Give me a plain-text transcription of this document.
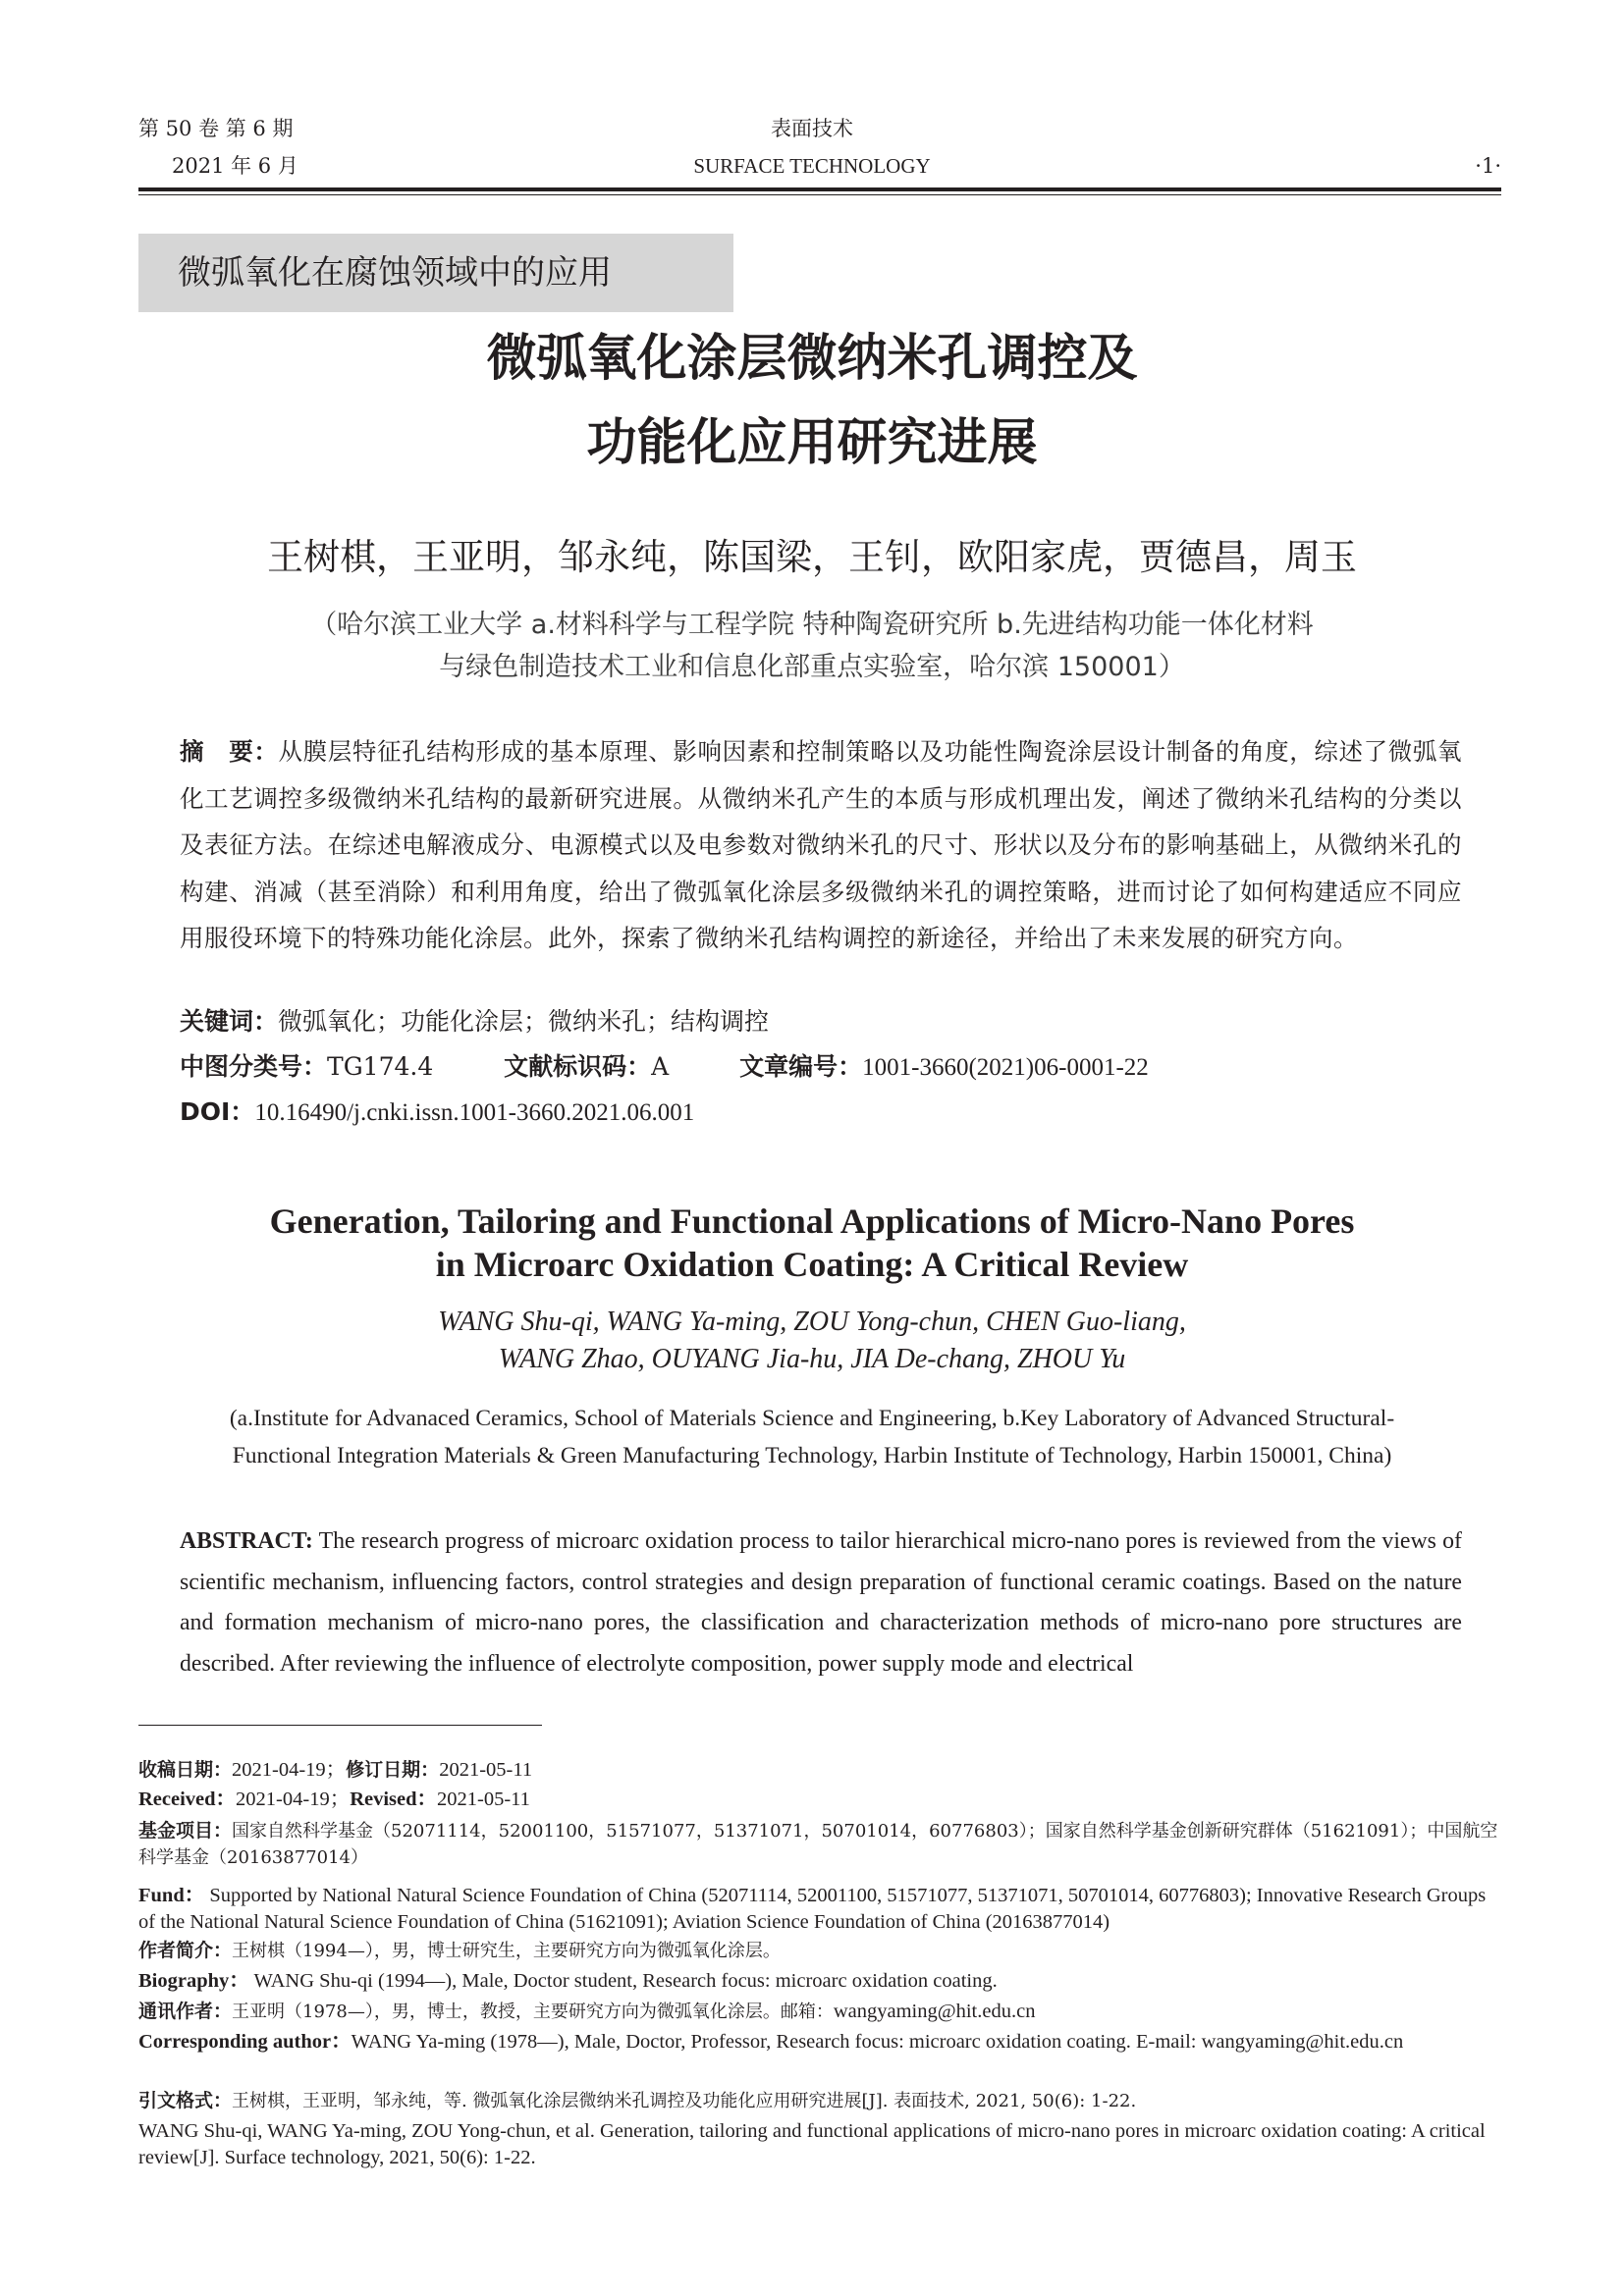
第 50 卷 第 6 期
2021 年 6 月
表面技术
SURFACE TECHNOLOGY	·1·
微弧氧化在腐蚀领域中的应用
微弧氧化涂层微纳米孔调控及
功能化应用研究进展
王树棋，王亚明，邹永纯，陈国梁，王钊，欧阳家虎，贾德昌，周玉
（哈尔滨工业大学 a.材料科学与工程学院 特种陶瓷研究所 b.先进结构功能一体化材料
与绿色制造技术工业和信息化部重点实验室，哈尔滨 150001）
摘　要：从膜层特征孔结构形成的基本原理、影响因素和控制策略以及功能性陶瓷涂层设计制备的角度，综述了微弧氧化工艺调控多级微纳米孔结构的最新研究进展。从微纳米孔产生的本质与形成机理出发，阐述了微纳米孔结构的分类以及表征方法。在综述电解液成分、电源模式以及电参数对微纳米孔的尺寸、形状以及分布的影响基础上，从微纳米孔的构建、消减（甚至消除）和利用角度，给出了微弧氧化涂层多级微纳米孔的调控策略，进而讨论了如何构建适应不同应用服役环境下的特殊功能化涂层。此外，探索了微纳米孔结构调控的新途径，并给出了未来发展的研究方向。
关键词：微弧氧化；功能化涂层；微纳米孔；结构调控
中图分类号：TG174.4	文献标识码：A	文章编号：1001-3660(2021)06-0001-22
DOI：10.16490/j.cnki.issn.1001-3660.2021.06.001
Generation, Tailoring and Functional Applications of Micro-Nano Pores
in Microarc Oxidation Coating: A Critical Review
WANG Shu-qi, WANG Ya-ming, ZOU Yong-chun, CHEN Guo-liang,
WANG Zhao, OUYANG Jia-hu, JIA De-chang, ZHOU Yu
(a.Institute for Advanaced Ceramics, School of Materials Science and Engineering, b.Key Laboratory of Advanced Structural-
Functional Integration Materials & Green Manufacturing Technology, Harbin Institute of Technology, Harbin 150001, China)
ABSTRACT: The research progress of microarc oxidation process to tailor hierarchical micro-nano pores is reviewed from the views of scientific mechanism, influencing factors, control strategies and design preparation of functional ceramic coatings. Based on the nature and formation mechanism of micro-nano pores, the classification and characterization methods of micro-nano pore structures are described. After reviewing the influence of electrolyte composition, power supply mode and electrical
收稿日期：2021-04-19；修订日期：2021-05-11
Received：2021-04-19；Revised：2021-05-11
基金项目：国家自然科学基金（52071114，52001100，51571077，51371071，50701014，60776803）；国家自然科学基金创新研究群体（51621091）；中国航空科学基金（20163877014）
Fund： Supported by National Natural Science Foundation of China (52071114, 52001100, 51571077, 51371071, 50701014, 60776803); Innovative Research Groups of the National Natural Science Foundation of China (51621091); Aviation Science Foundation of China (20163877014)
作者简介：王树棋（1994—），男，博士研究生，主要研究方向为微弧氧化涂层。
Biography： WANG Shu-qi (1994—), Male, Doctor student, Research focus: microarc oxidation coating.
通讯作者：王亚明（1978—），男，博士，教授，主要研究方向为微弧氧化涂层。邮箱：wangyaming@hit.edu.cn
Corresponding author：WANG Ya-ming (1978—), Male, Doctor, Professor, Research focus: microarc oxidation coating. E-mail: wangyaming@hit.edu.cn
引文格式：王树棋，王亚明，邹永纯，等. 微弧氧化涂层微纳米孔调控及功能化应用研究进展[J]. 表面技术, 2021, 50(6): 1-22.
WANG Shu-qi, WANG Ya-ming, ZOU Yong-chun, et al. Generation, tailoring and functional applications of micro-nano pores in microarc oxidation coating: A critical review[J]. Surface technology, 2021, 50(6): 1-22.
